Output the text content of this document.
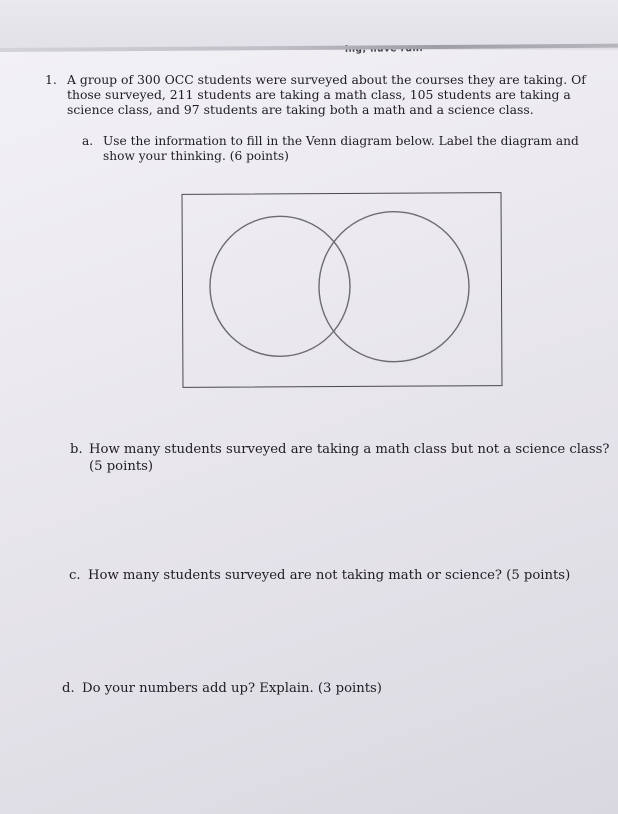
1. A group of 300 OCC students were surveyed about the courses they are taking. Of
those surveyed, 211 students are taking a math class, 105 students are taking a
science class, and 97 students are taking both a math and a science class.
a. Use the information to fill in the Venn diagram below. Label the diagram and
show your thinking. (6 points)
b. How many students surveyed are taking a math class but not a science class?
(5 points)
c. How many students surveyed are not taking math or science? (5 points)
d. Do your numbers add up? Explain. (3 points)
